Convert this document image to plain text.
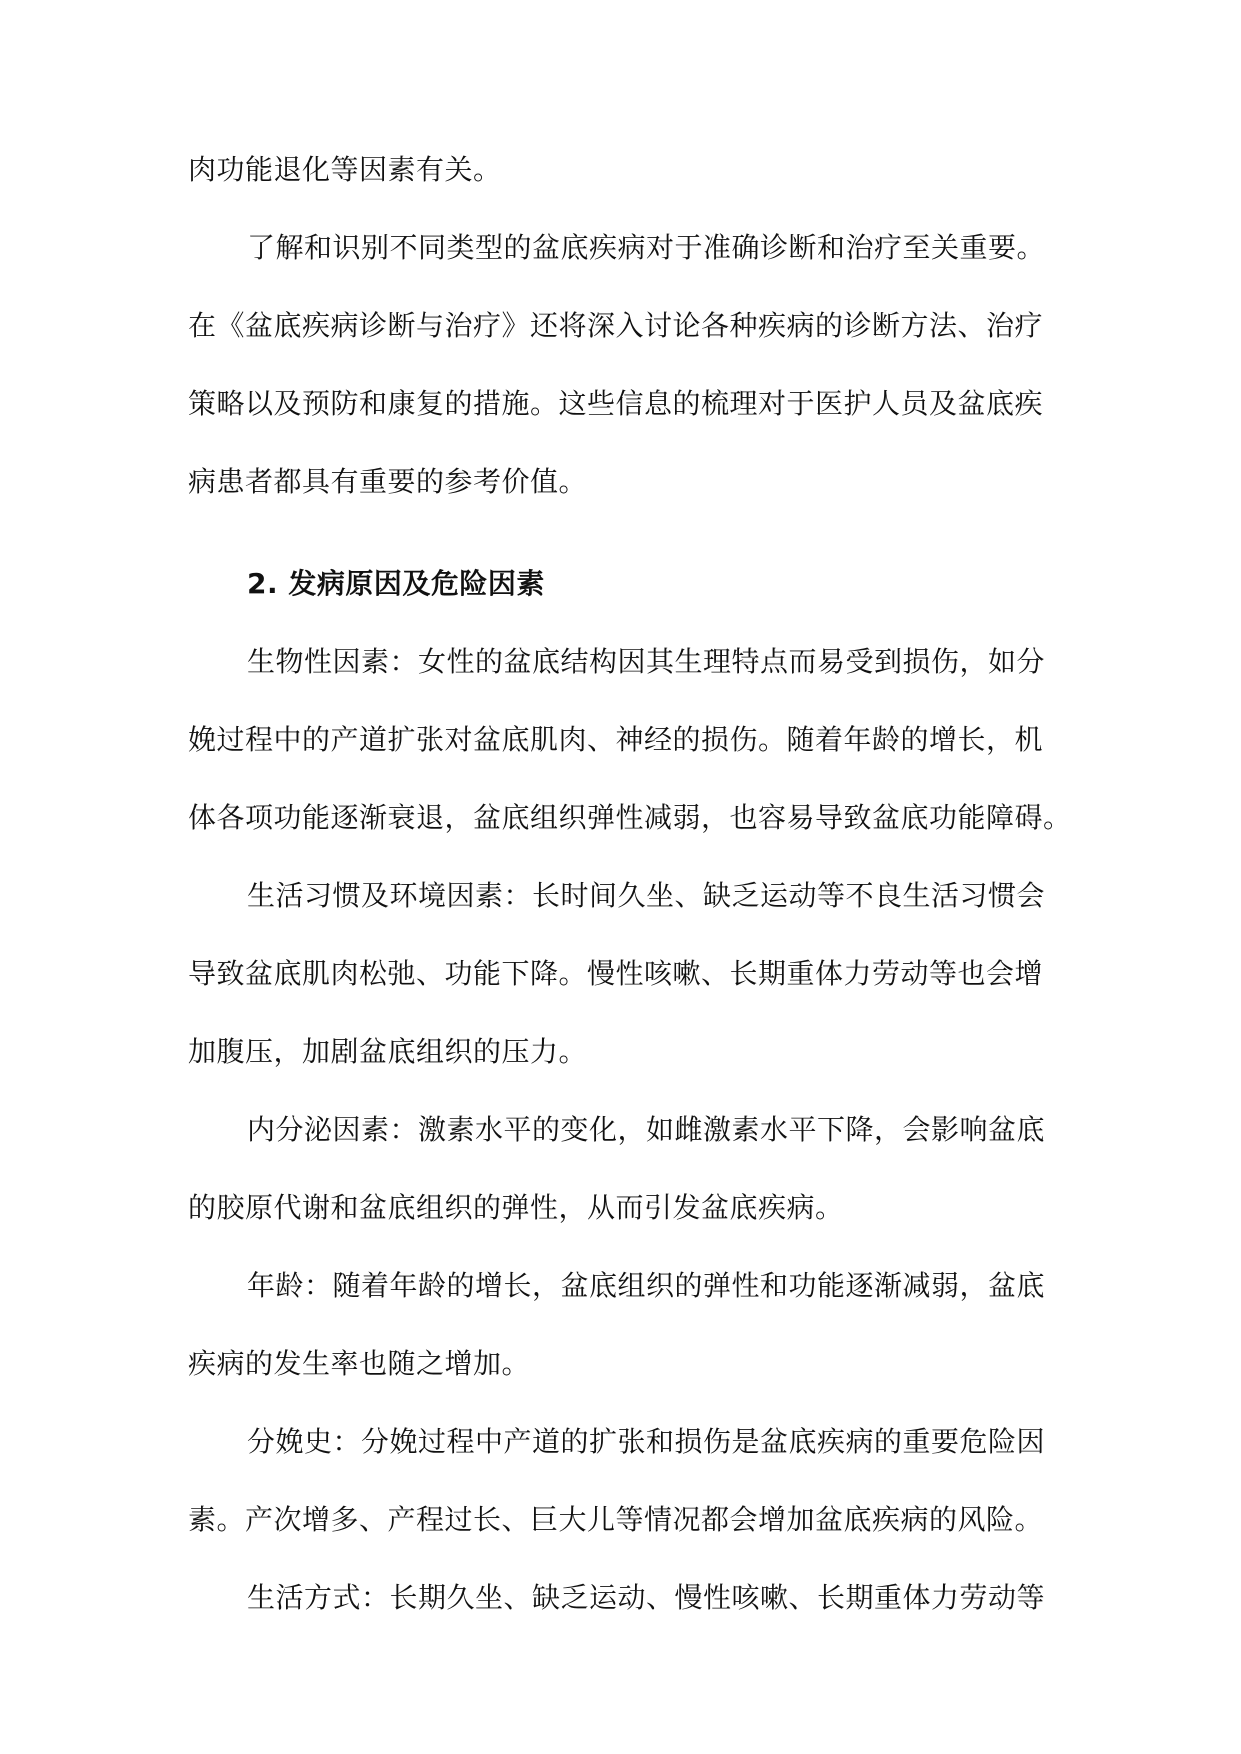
肉功能退化等因素有关。
了解和识别不同类型的盆底疾病对于准确诊断和治疗至关重要。
在《盆底疾病诊断与治疗》还将深入讨论各种疾病的诊断方法、治疗
策略以及预防和康复的措施。这些信息的梳理对于医护人员及盆底疾
病患者都具有重要的参考价值。
2. 发病原因及危险因素
生物性因素：女性的盆底结构因其生理特点而易受到损伤，如分
娩过程中的产道扩张对盆底肌肉、神经的损伤。随着年龄的增长，机
体各项功能逐渐衰退，盆底组织弹性减弱，也容易导致盆底功能障碍。
生活习惯及环境因素：长时间久坐、缺乏运动等不良生活习惯会
导致盆底肌肉松弛、功能下降。慢性咳嗽、长期重体力劳动等也会增
加腹压，加剧盆底组织的压力。
内分泌因素：激素水平的变化，如雌激素水平下降，会影响盆底
的胶原代谢和盆底组织的弹性，从而引发盆底疾病。
年龄：随着年龄的增长，盆底组织的弹性和功能逐渐减弱，盆底
疾病的发生率也随之增加。
分娩史：分娩过程中产道的扩张和损伤是盆底疾病的重要危险因
素。产次增多、产程过长、巨大儿等情况都会增加盆底疾病的风险。
生活方式：长期久坐、缺乏运动、慢性咳嗽、长期重体力劳动等
